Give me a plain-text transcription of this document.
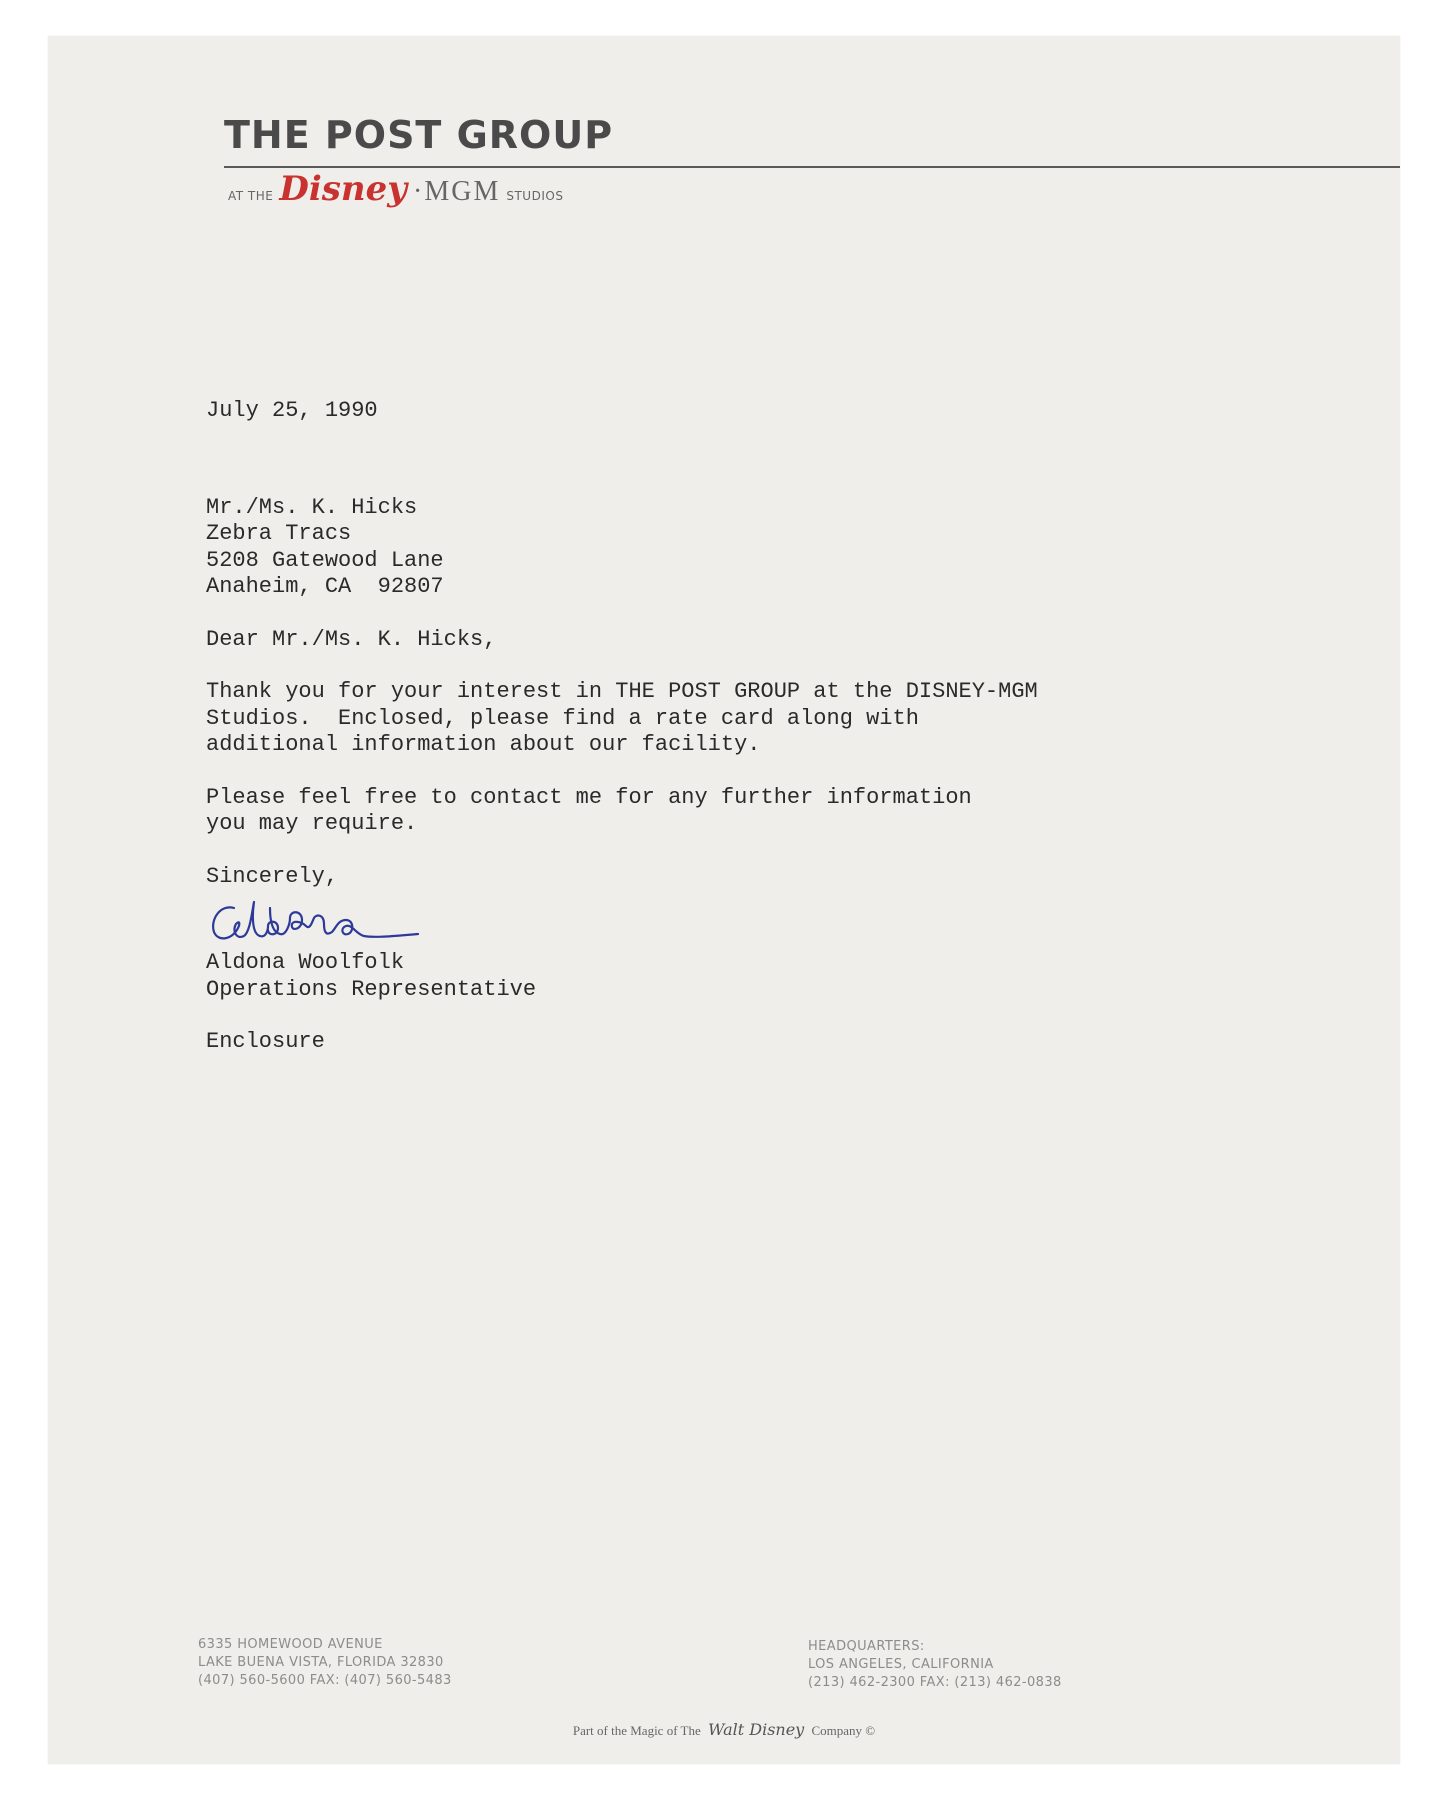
THE POST GROUP
AT THE Disney ·MGM STUDIOS

July 25, 1990

Mr./Ms. K. Hicks

Zebra Tracs

5208 Gatewood Lane

Anaheim, CA  92807

Dear Mr./Ms. K. Hicks,

Thank you for your interest in THE POST GROUP at the DISNEY-MGM

Studios.  Enclosed, please find a rate card along with

additional information about our facility.

Please feel free to contact me for any further information

you may require.

Sincerely,

Aldona Woolfolk

Operations Representative

Enclosure

6335 HOMEWOOD AVENUE
LAKE BUENA VISTA, FLORIDA 32830
(407) 560-5600 FAX: (407) 560-5483
HEADQUARTERS:
LOS ANGELES, CALIFORNIA
(213) 462-2300 FAX: (213) 462-0838
Part of the Magic of The Walt Disney Company ©
